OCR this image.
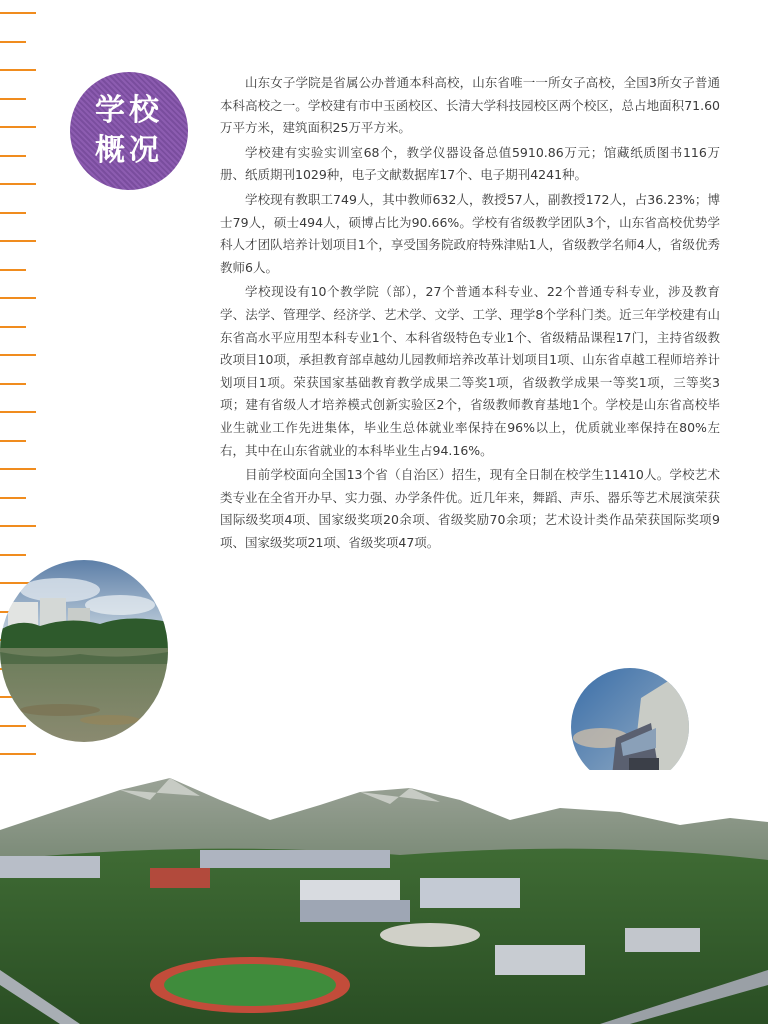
学校
概况

山东女子学院是省属公办普通本科高校，山东省唯一一所女子高校，全国3所女子普通本科高校之一。学校建有市中玉函校区、长清大学科技园校区两个校区，总占地面积71.60万平方米，建筑面积25万平方米。

学校建有实验实训室68个，教学仪器设备总值5910.86万元；馆藏纸质图书116万册、纸质期刊1029种，电子文献数据库17个、电子期刊4241种。

学校现有教职工749人，其中教师632人，教授57人，副教授172人，占36.23%；博士79人，硕士494人，硕博占比为90.66%。学校有省级教学团队3个，山东省高校优势学科人才团队培养计划项目1个，享受国务院政府特殊津贴1人，省级教学名师4人，省级优秀教师6人。

学校现设有10个教学院（部），27个普通本科专业、22个普通专科专业，涉及教育学、法学、管理学、经济学、艺术学、文学、工学、理学8个学科门类。近三年学校建有山东省高水平应用型本科专业1个、本科省级特色专业1个、省级精品课程17门，主持省级教改项目10项，承担教育部卓越幼儿园教师培养改革计划项目1项、山东省卓越工程师培养计划项目1项。荣获国家基础教育教学成果二等奖1项，省级教学成果一等奖1项，三等奖3项；建有省级人才培养模式创新实验区2个，省级教师教育基地1个。学校是山东省高校毕业生就业工作先进集体，毕业生总体就业率保持在96%以上，优质就业率保持在80%左右，其中在山东省就业的本科毕业生占94.16%。

目前学校面向全国13个省（自治区）招生，现有全日制在校学生11410人。学校艺术类专业在全省开办早、实力强、办学条件优。近几年来，舞蹈、声乐、器乐等艺术展演荣获国际级奖项4项、国家级奖项20余项、省级奖励70余项；艺术设计类作品荣获国际奖项9项、国家级奖项21项、省级奖项47项。
